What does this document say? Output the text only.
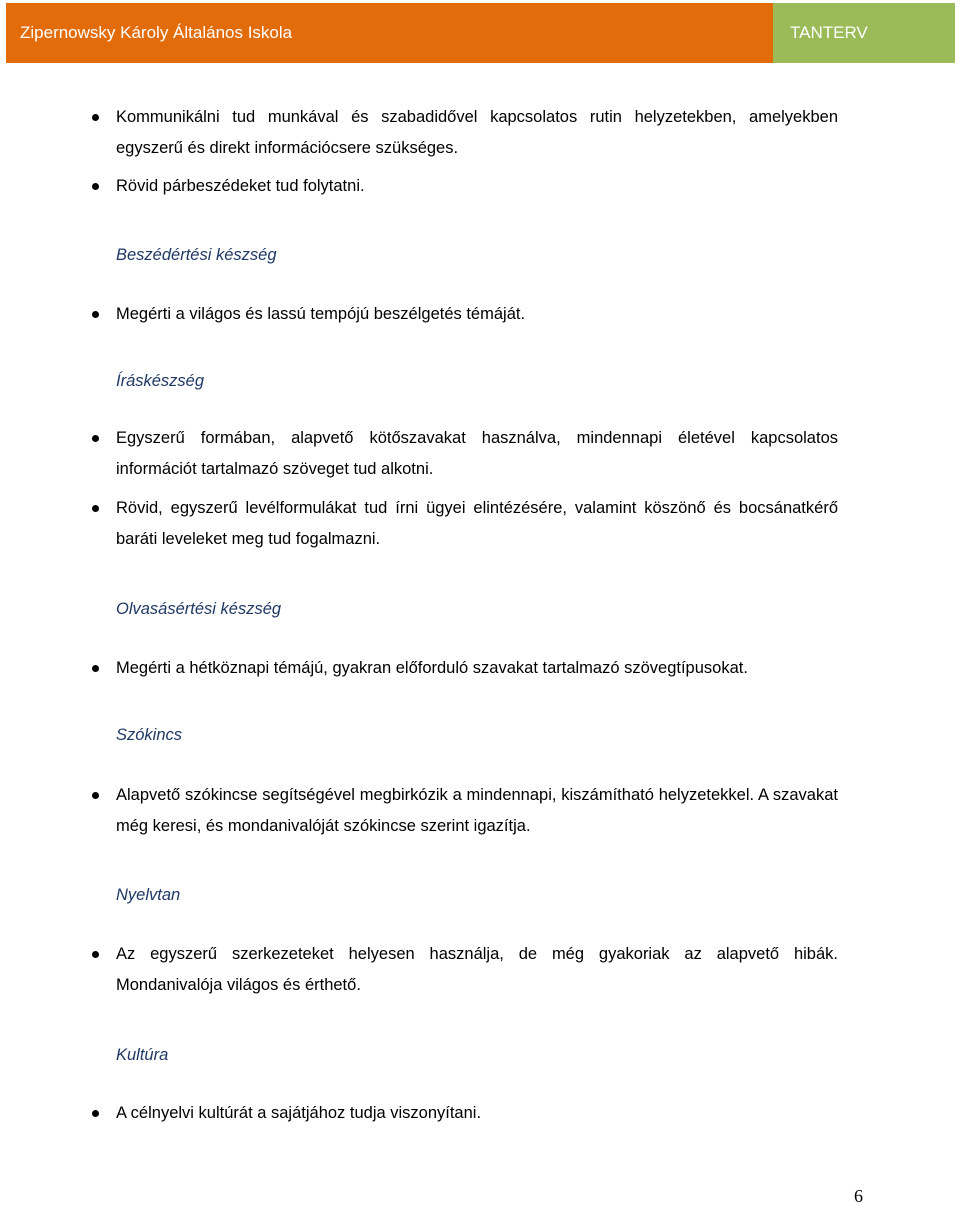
Zipernowsky Károly Általános Iskola	TANTERV
Kommunikálni tud munkával és szabadidővel kapcsolatos rutin helyzetekben, amelyekben egyszerű és direkt információcsere szükséges.
Rövid párbeszédeket tud folytatni.
Beszédértési készség
Megérti a világos és lassú tempójú beszélgetés témáját.
Íráskészség
Egyszerű formában, alapvető kötőszavakat használva, mindennapi életével kapcsolatos információt tartalmazó szöveget tud alkotni.
Rövid, egyszerű levélformulákat tud írni ügyei elintézésére, valamint köszönő és bocsánatkérő baráti leveleket meg tud fogalmazni.
Olvasásértési készség
Megérti a hétköznapi témájú, gyakran előforduló szavakat tartalmazó szövegtípusokat.
Szókincs
Alapvető szókincse segítségével megbirkózik a mindennapi, kiszámítható helyzetekkel. A szavakat még keresi, és mondanivalóját szókincse szerint igazítja.
Nyelvtan
Az egyszerű szerkezeteket helyesen használja, de még gyakoriak az alapvető hibák. Mondanivalója világos és érthető.
Kultúra
A célnyelvi kultúrát a sajátjához tudja viszonyítani.
6
